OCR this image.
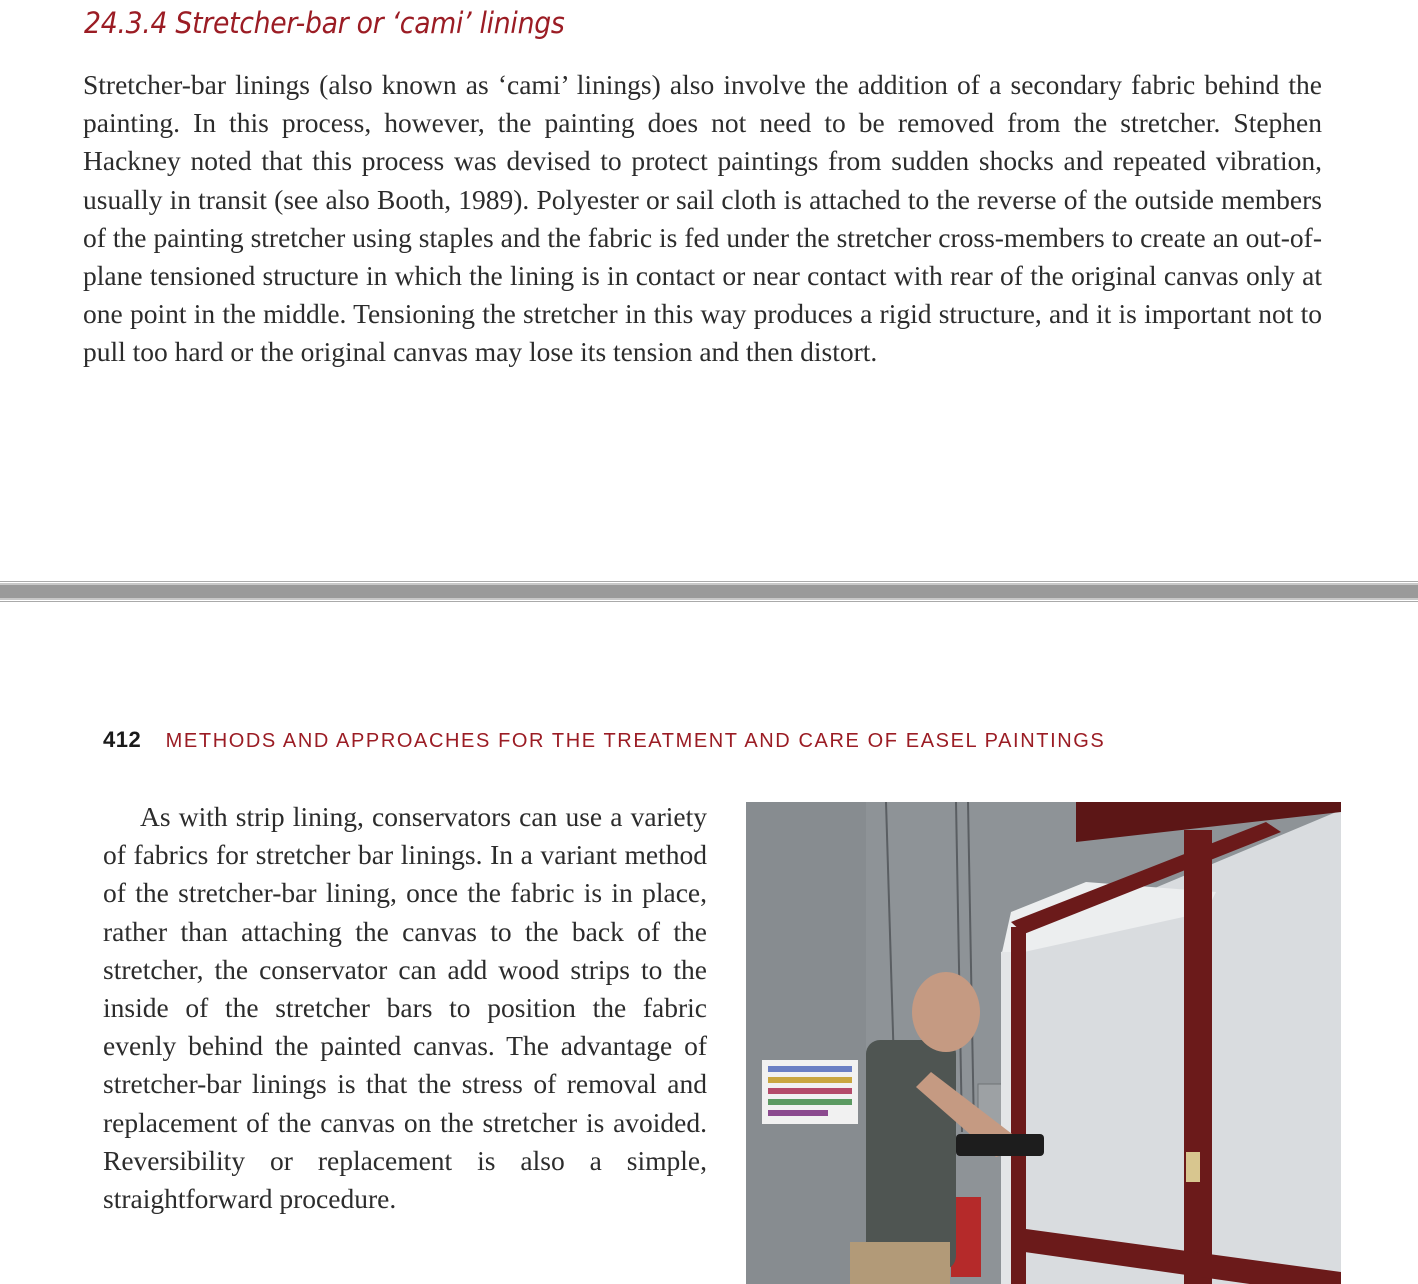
24.3.4 Stretcher-bar or ‘cami’ linings
Stretcher-bar linings (also known as ‘cami’ linings) also involve the addition of a secondary fabric behind the painting. In this process, however, the painting does not need to be removed from the stretcher. Stephen Hackney noted that this process was devised to protect paintings from sudden shocks and repeated vibration, usually in transit (see also Booth, 1989). Polyester or sail cloth is attached to the reverse of the outside members of the painting stretcher using staples and the fabric is fed under the stretcher cross-members to create an out-of-plane tensioned structure in which the lining is in contact or near contact with rear of the original canvas only at one point in the middle. Tensioning the stretcher in this way produces a rigid structure, and it is important not to pull too hard or the original canvas may lose its tension and then distort.
412 METHODS AND APPROACHES FOR THE TREATMENT AND CARE OF EASEL PAINTINGS
As with strip lining, conservators can use a variety of fabrics for stretcher bar linings. In a variant method of the stretcher-bar lining, once the fabric is in place, rather than attaching the canvas to the back of the stretcher, the conservator can add wood strips to the inside of the stretcher bars to position the fabric evenly behind the painted canvas. The advantage of stretcher-bar linings is that the stress of removal and replacement of the canvas on the stretcher is avoided. Reversibility or replacement is also a simple, straightforward procedure.
